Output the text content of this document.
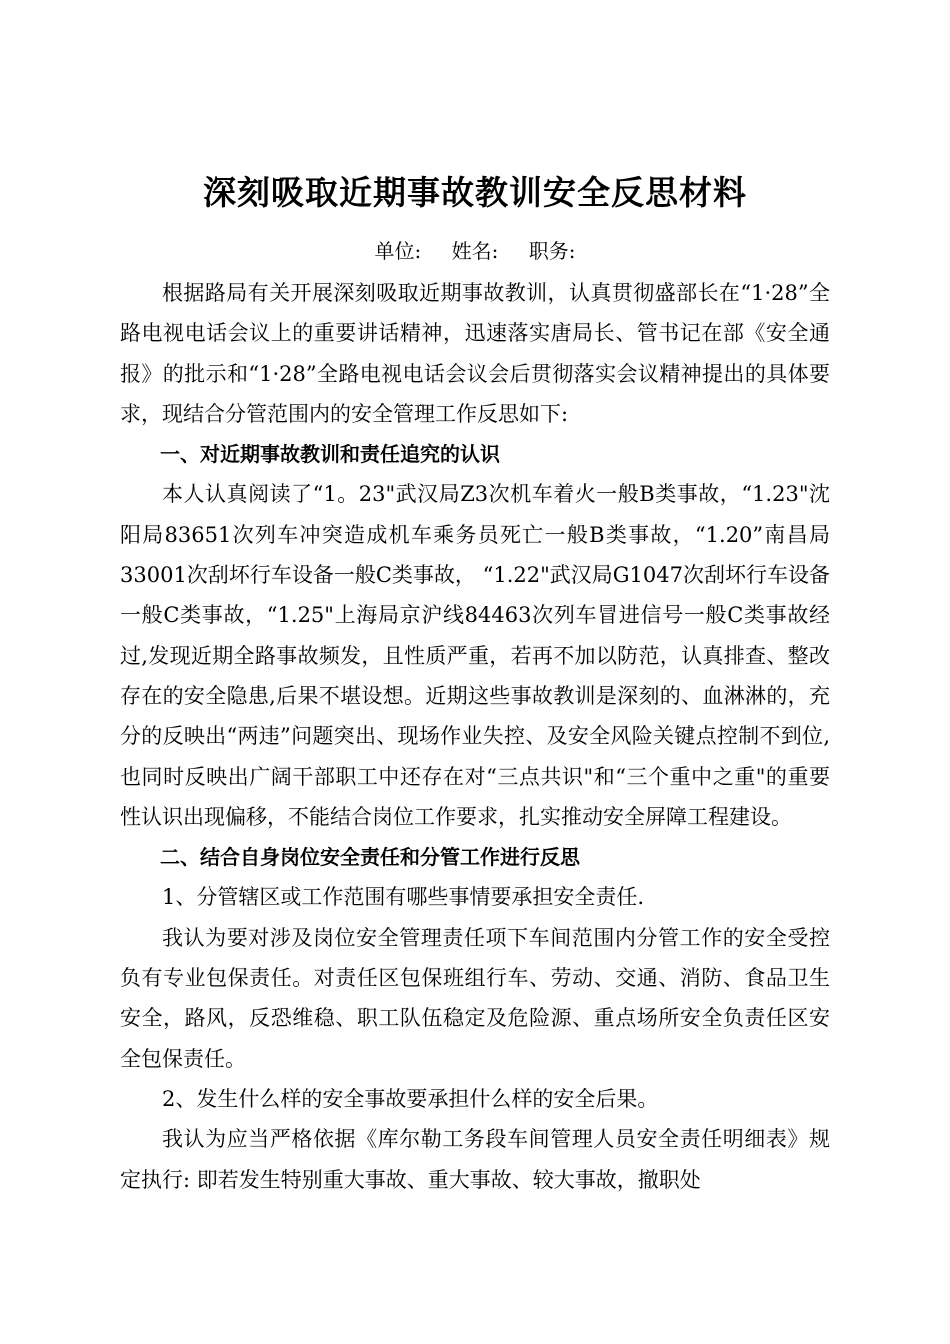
深刻吸取近期事故教训安全反思材料
单位: 姓名: 职务:

根据路局有关开展深刻吸取近期事故教训，认真贯彻盛部长在“1·28”全路电视电话会议上的重要讲话精神，迅速落实唐局长、管书记在部《安全通报》的批示和“1·28”全路电视电话会议会后贯彻落实会议精神提出的具体要求，现结合分管范围内的安全管理工作反思如下:

一、对近期事故教训和责任追究的认识

本人认真阅读了“1。23"武汉局Z3次机车着火一般B类事故，“1.23"沈阳局83651次列车冲突造成机车乘务员死亡一般B类事故，“1.20”南昌局33001次刮坏行车设备一般C类事故， “1.22"武汉局G1047次刮坏行车设备一般C类事故，“1.25"上海局京沪线84463次列车冒进信号一般C类事故经过,发现近期全路事故频发，且性质严重，若再不加以防范，认真排查、整改存在的安全隐患,后果不堪设想。近期这些事故教训是深刻的、血淋淋的，充分的反映出“两违”问题突出、现场作业失控、及安全风险关键点控制不到位,也同时反映出广阔干部职工中还存在对“三点共识"和“三个重中之重"的重要性认识出现偏移，不能结合岗位工作要求，扎实推动安全屏障工程建设。

二、结合自身岗位安全责任和分管工作进行反思

1、分管辖区或工作范围有哪些事情要承担安全责任.

我认为要对涉及岗位安全管理责任项下车间范围内分管工作的安全受控负有专业包保责任。对责任区包保班组行车、劳动、交通、消防、食品卫生安全，路风，反恐维稳、职工队伍稳定及危险源、重点场所安全负责任区安全包保责任。

2、发生什么样的安全事故要承担什么样的安全后果。

我认为应当严格依据《库尔勒工务段车间管理人员安全责任明细表》规定执行: 即若发生特别重大事故、重大事故、较大事故，撤职处
